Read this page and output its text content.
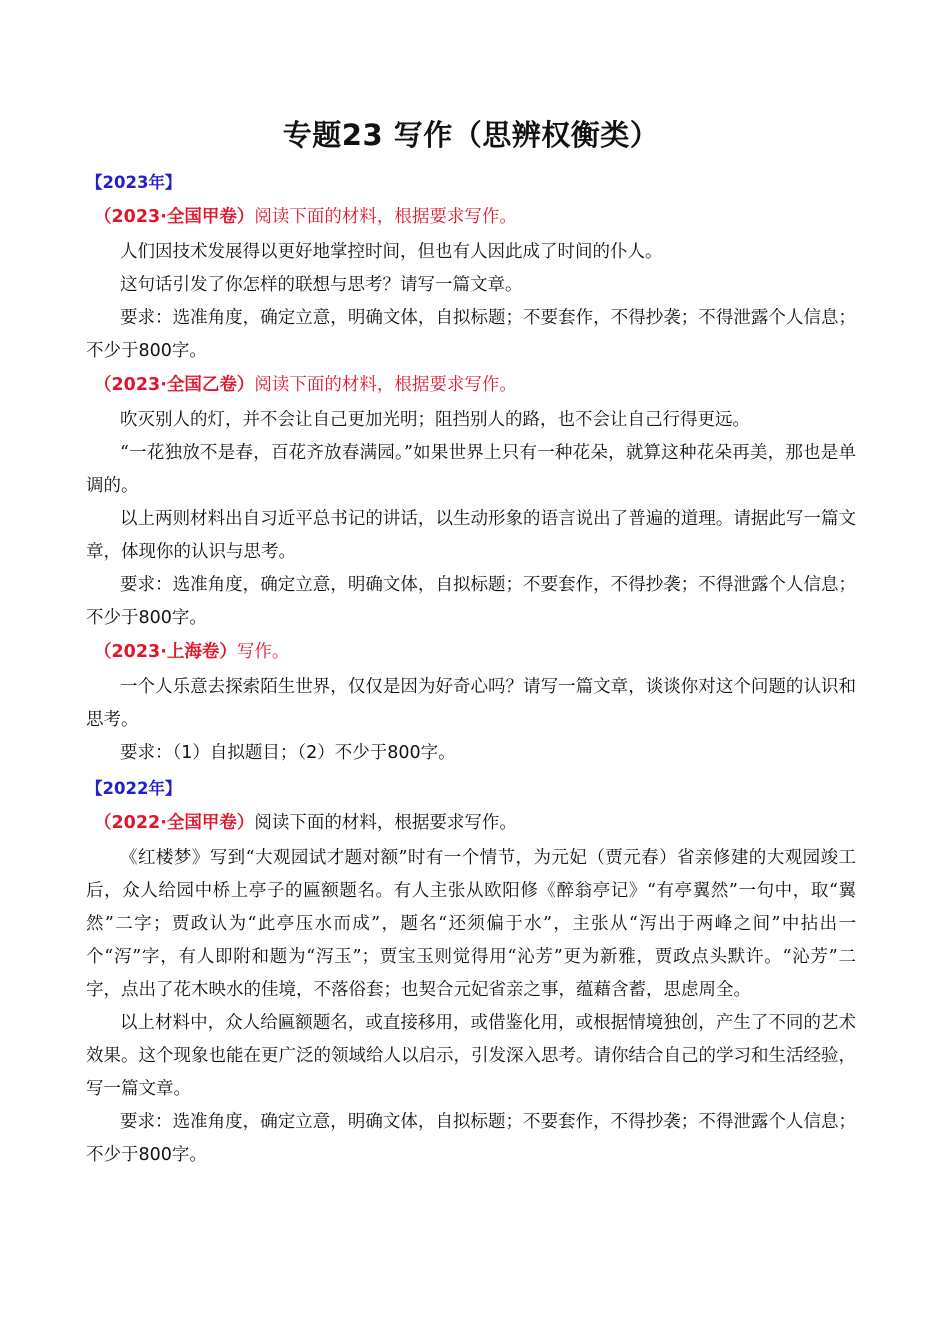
专题23 写作（思辨权衡类）
【2023年】
（2023·全国甲卷）阅读下面的材料，根据要求写作。

人们因技术发展得以更好地掌控时间，但也有人因此成了时间的仆人。

这句话引发了你怎样的联想与思考？请写一篇文章。

要求：选准角度，确定立意，明确文体，自拟标题；不要套作，不得抄袭；不得泄露个人信息；不少于800字。

（2023·全国乙卷）阅读下面的材料，根据要求写作。

吹灭别人的灯，并不会让自己更加光明；阻挡别人的路，也不会让自己行得更远。

“一花独放不是春，百花齐放春满园。”如果世界上只有一种花朵，就算这种花朵再美，那也是单调的。

以上两则材料出自习近平总书记的讲话，以生动形象的语言说出了普遍的道理。请据此写一篇文章，体现你的认识与思考。

要求：选准角度，确定立意，明确文体，自拟标题；不要套作，不得抄袭；不得泄露个人信息；不少于800字。

（2023·上海卷）写作。

一个人乐意去探索陌生世界，仅仅是因为好奇心吗？请写一篇文章，谈谈你对这个问题的认识和思考。

要求：（1）自拟题目；（2）不少于800字。

【2022年】
（2022·全国甲卷）阅读下面的材料，根据要求写作。

《红楼梦》写到“大观园试才题对额”时有一个情节，为元妃（贾元春）省亲修建的大观园竣工后，众人给园中桥上亭子的匾额题名。有人主张从欧阳修《醉翁亭记》“有亭翼然”一句中，取“翼然”二字；贾政认为“此亭压水而成”，题名“还须偏于水”，主张从“泻出于两峰之间”中拈出一个“泻”字，有人即附和题为“泻玉”；贾宝玉则觉得用“沁芳”更为新雅，贾政点头默许。“沁芳”二字，点出了花木映水的佳境，不落俗套；也契合元妃省亲之事，蕴藉含蓄，思虑周全。

以上材料中，众人给匾额题名，或直接移用，或借鉴化用，或根据情境独创，产生了不同的艺术效果。这个现象也能在更广泛的领域给人以启示，引发深入思考。请你结合自己的学习和生活经验，写一篇文章。

要求：选准角度，确定立意，明确文体，自拟标题；不要套作，不得抄袭；不得泄露个人信息；不少于800字。
